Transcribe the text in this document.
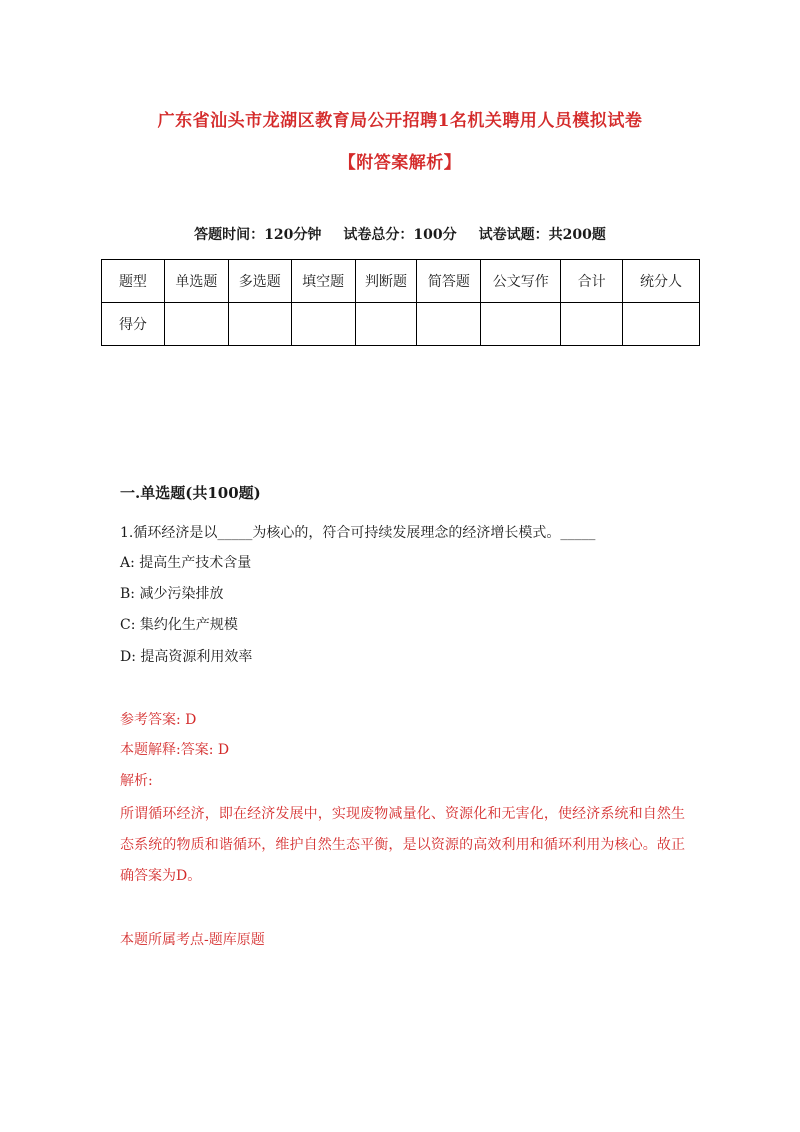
广东省汕头市龙湖区教育局公开招聘1名机关聘用人员模拟试卷
【附答案解析】
答题时间：120分钟 试卷总分：100分 试卷试题：共200题
题型	单选题	多选题	填空题	判断题	简答题	公文写作	合计	统分人
得分								
一.单选题(共100题)
1.循环经济是以_____为核心的，符合可持续发展理念的经济增长模式。_____
A: 提高生产技术含量
B: 减少污染排放
C: 集约化生产规模
D: 提高资源利用效率
参考答案: D
本题解释:答案: D
解析:
所谓循环经济，即在经济发展中，实现废物减量化、资源化和无害化，使经济系统和自然生态系统的物质和谐循环，维护自然生态平衡，是以资源的高效利用和循环利用为核心。故正确答案为D。
本题所属考点-题库原题
